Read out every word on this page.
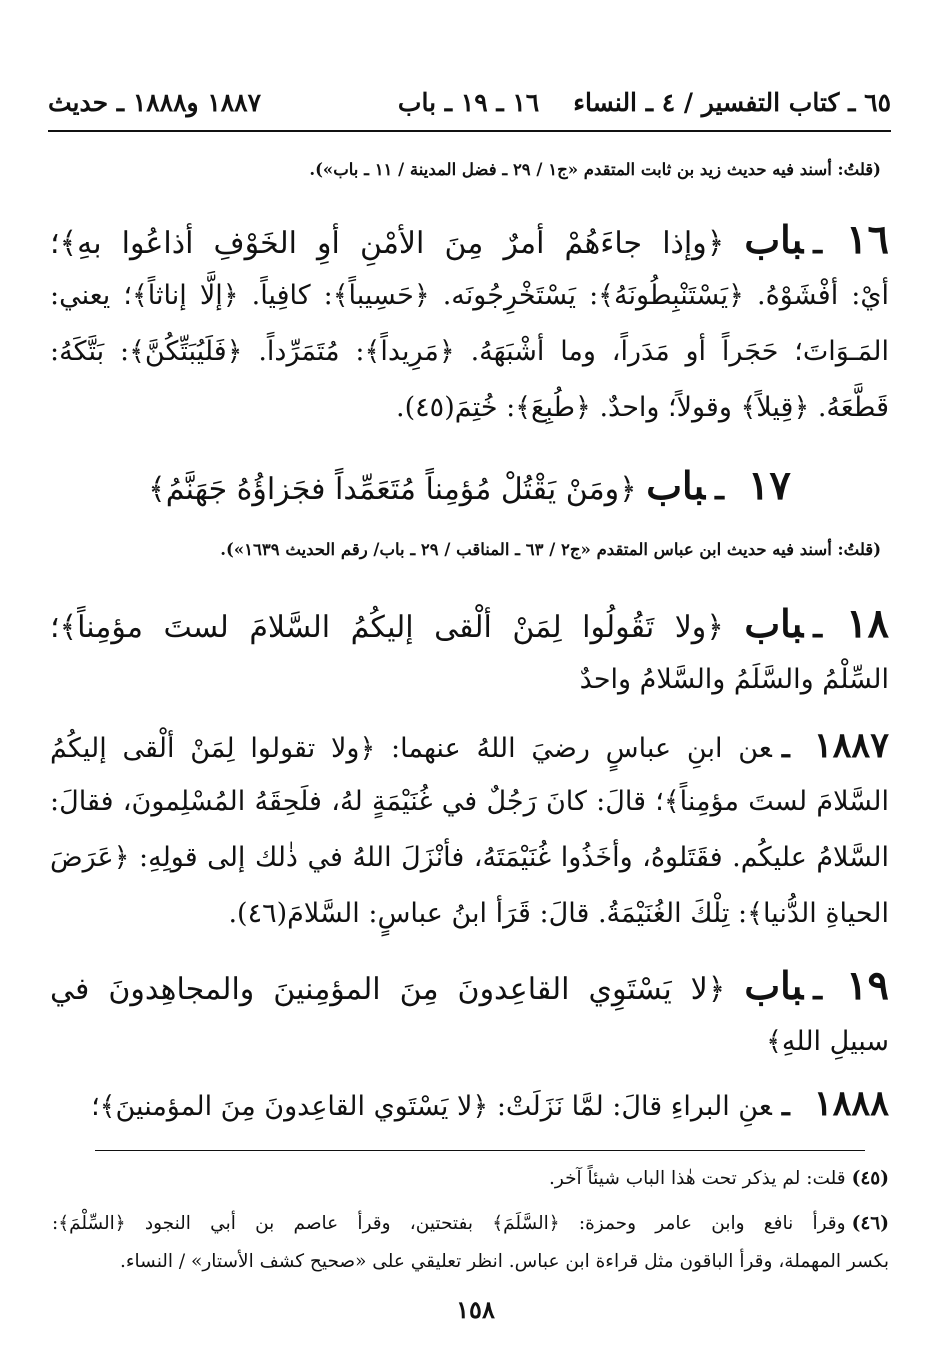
٦٥ ـ كتاب التفسير / ٤ ـ النساء
١٦ ـ ١٩ ـ باب
١٨٨٧ و١٨٨٨ ـ حديث
(قلتُ: أسند فيه حديث زيد بن ثابت المتقدم «ج١ / ٢٩ ـ فضل المدينة / ١١ ـ باب»).
١٦ـباب ﴿وإذا جاءَهُمْ أمرٌ مِنَ الأمْنِ أوِ الخَوْفِ أذاعُوا بهِ﴾؛
أيْ: أفْشَوْهُ. ﴿يَسْتَنْبِطُونَهُ﴾: يَسْتَخْرِجُونَه. ﴿حَسِيباً﴾: كافِياً. ﴿إلَّا إناثاً﴾؛ يعني:
المَـوَاتَ؛ حَجَراً أو مَدَراً، وما أشْبَهَهُ. ﴿مَرِيداً﴾: مُتَمَرِّداً. ﴿فَلَيُبَتِّكُنَّ﴾: بَتَّكَهُ:
قَطَّعَهُ. ﴿قِيلاً﴾ وقولاً؛ واحدٌ. ﴿طُبِعَ﴾: خُتِمَ(٤٥).
١٧ـباب ﴿ومَنْ يَقْتُلْ مُؤمِناً مُتَعَمِّداً فجَزاؤُهُ جَهَنَّمُ﴾
(قلتُ: أسند فيه حديث ابن عباس المتقدم «ج٢ / ٦٣ ـ المناقب / ٢٩ ـ باب/ رقم الحديث ١٦٣٩»).
١٨ـباب ﴿ولا تَقُولُوا لِمَنْ ألْقى إليكُمُ السَّلامَ لستَ مؤمِناً﴾؛
السِّلْمُ والسَّلَمُ والسَّلامُ واحدٌ
١٨٨٧ـعن ابنِ عباسٍ رضيَ اللهُ عنهما: ﴿ولا تقولوا لِمَنْ ألْقى إليكُمُ
السَّلامَ لستَ مؤمِناً﴾؛ قالَ: كانَ رَجُلٌ في غُنَيْمَةٍ لهُ، فلَحِقَهُ المُسْلِمونَ، فقالَ:
السَّلامُ عليكُم. فقَتَلوهُ، وأخَذُوا غُنَيْمَتَهُ، فأنْزَلَ اللهُ في ذٰلك إلى قولِهِ: ﴿عَرَضَ
الحياةِ الدُّنيا﴾: تِلْكَ الغُنَيْمَةُ. قالَ: قَرَأ ابنُ عباسٍ: السَّلامَ(٤٦).
١٩ـباب ﴿لا يَسْتَوِي القاعِدونَ مِنَ المؤمِنينَ والمجاهِدونَ في
سبيلِ اللهِ﴾
١٨٨٨ـعنِ البراءِ قالَ: لمَّا نَزَلَتْ: ﴿لا يَسْتَوي القاعِدونَ مِنَ المؤمنينَ﴾؛
(٤٥)قلت: لم يذكر تحت هٰذا الباب شيئاً آخر.
(٤٦)وقرأ نافع وابن عامر وحمزة: ﴿السَّلَمَ﴾ بفتحتين، وقرأ عاصم بن أبي النجود ﴿السِّلْمَ﴾:
بكسر المهملة، وقرأ الباقون مثل قراءة ابن عباس. انظر تعليقي على «صحيح كشف الأستار» / النساء.
١٥٨
